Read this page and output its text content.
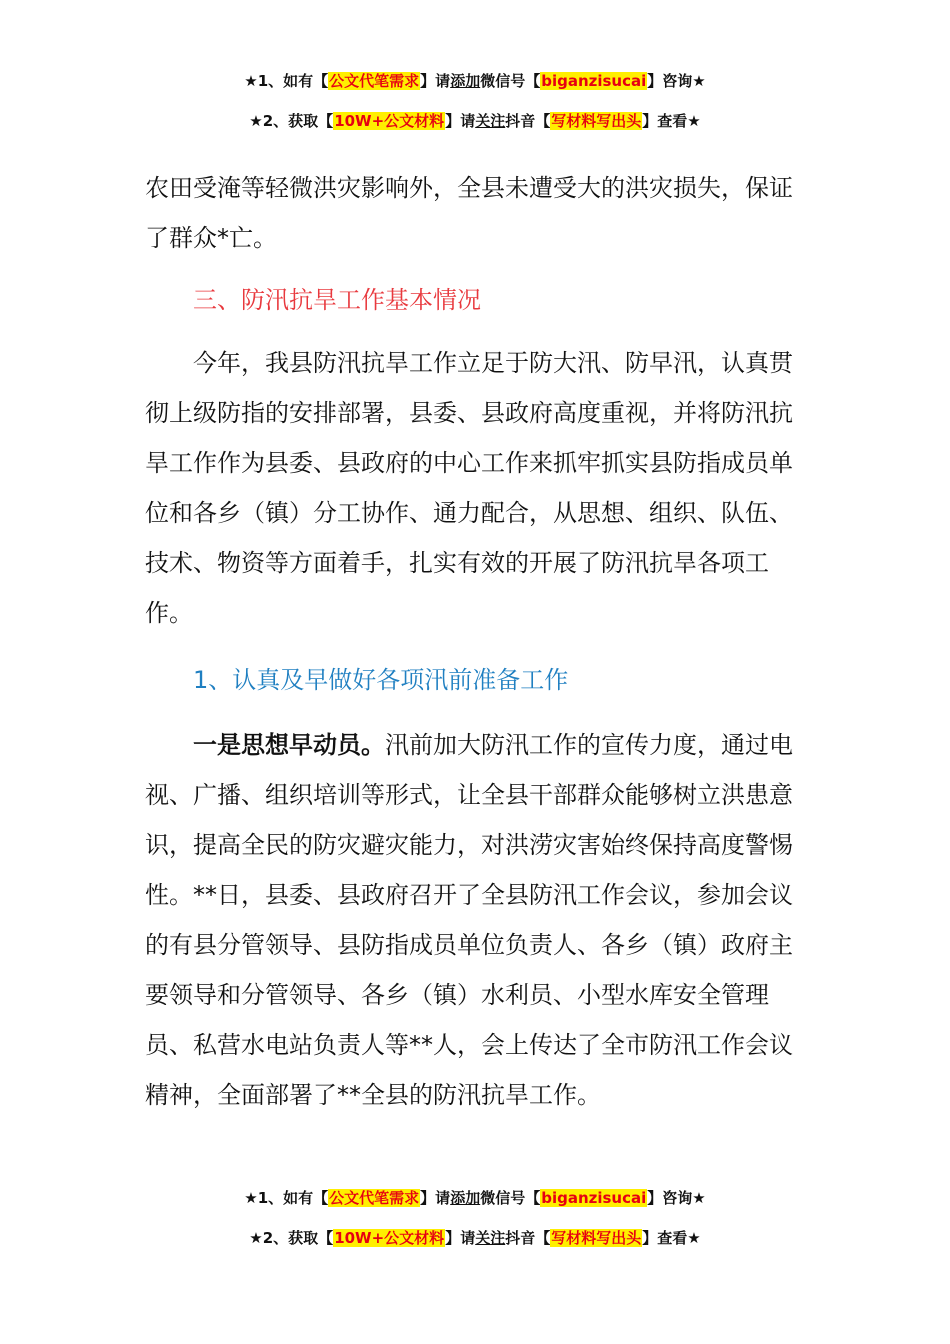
★1、如有【公文代笔需求】请添加微信号【biganzisucai】咨询★
★2、获取【10W+公文材料】请关注抖音【写材料写出头】查看★

农田受淹等轻微洪灾影响外，全县未遭受大的洪灾损失，保证了群众*亡。

三、防汛抗旱工作基本情况

今年，我县防汛抗旱工作立足于防大汛、防早汛，认真贯彻上级防指的安排部署，县委、县政府高度重视，并将防汛抗旱工作作为县委、县政府的中心工作来抓牢抓实县防指成员单位和各乡（镇）分工协作、通力配合，从思想、组织、队伍、技术、物资等方面着手，扎实有效的开展了防汛抗旱各项工作。

1、认真及早做好各项汛前准备工作

一是思想早动员。汛前加大防汛工作的宣传力度，通过电视、广播、组织培训等形式，让全县干部群众能够树立洪患意识，提高全民的防灾避灾能力，对洪涝灾害始终保持高度警惕性。**日，县委、县政府召开了全县防汛工作会议，参加会议的有县分管领导、县防指成员单位负责人、各乡（镇）政府主要领导和分管领导、各乡（镇）水利员、小型水库安全管理员、私营水电站负责人等**人，会上传达了全市防汛工作会议精神，全面部署了**全县的防汛抗旱工作。

★1、如有【公文代笔需求】请添加微信号【biganzisucai】咨询★
★2、获取【10W+公文材料】请关注抖音【写材料写出头】查看★
